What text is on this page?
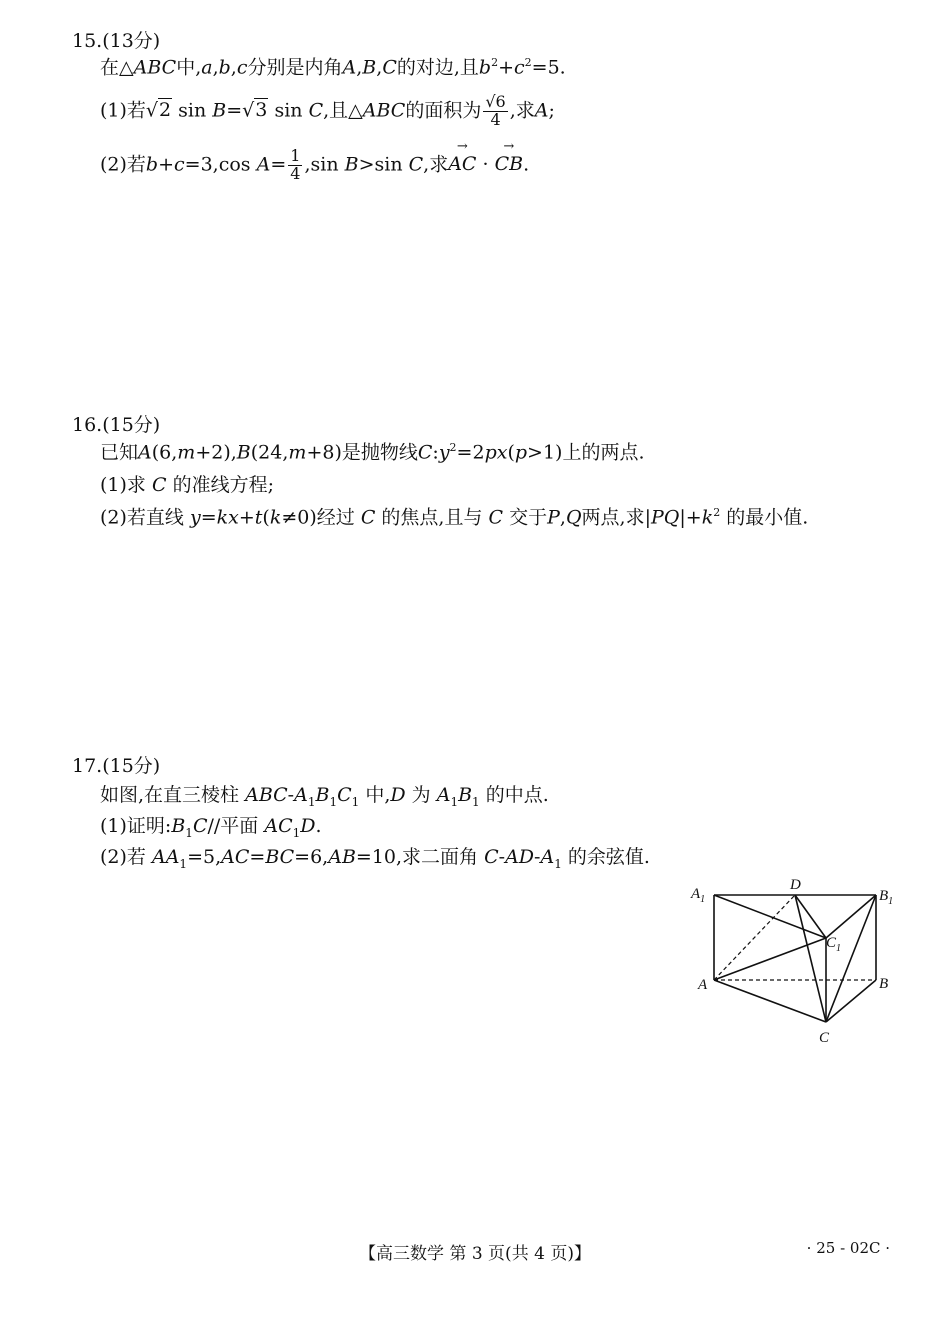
15.(13分)
在△ABC中,a,b,c分别是内角A,B,C的对边,且$b^2+c^2=5$.
(1)若√2 sin B=√3 sin C,且△ABC的面积为 $\frac{√6}{4}$ ,求A;
(2)若b+c=3,cos $A= \frac{1}{4} ,\sin$ B>sin C,求→ AC · → CB.
16.(15分)
已知A(6,m+2),B(24,m+8)是抛物线$C:y^2=2px(p>1)$上的两点.
(1)求 C 的准线方程;
(2)若直线 y=kx+t(k≠0)经过 C 的焦点,且与 C 交于P,Q两点,求$|PQ|+k^2$ 的最小值.
17.(15分)
如图,在直三棱柱 ABC-$A_1B_1C_1$ 中,D 为 $A_1B_1$ 的中点.
(1)证明$:B_1C//$平面 $AC_1D$.
(2)若 $AA_1=5,AC=BC=6,AB=10$,求二面角 $C-AD-A_1$ 的余弦值.
$A_1$
D
$B_1$
$C_1$
A	B
C
【高三数学 第 3 页(共 4 页)】	· 25 - 02C ·
